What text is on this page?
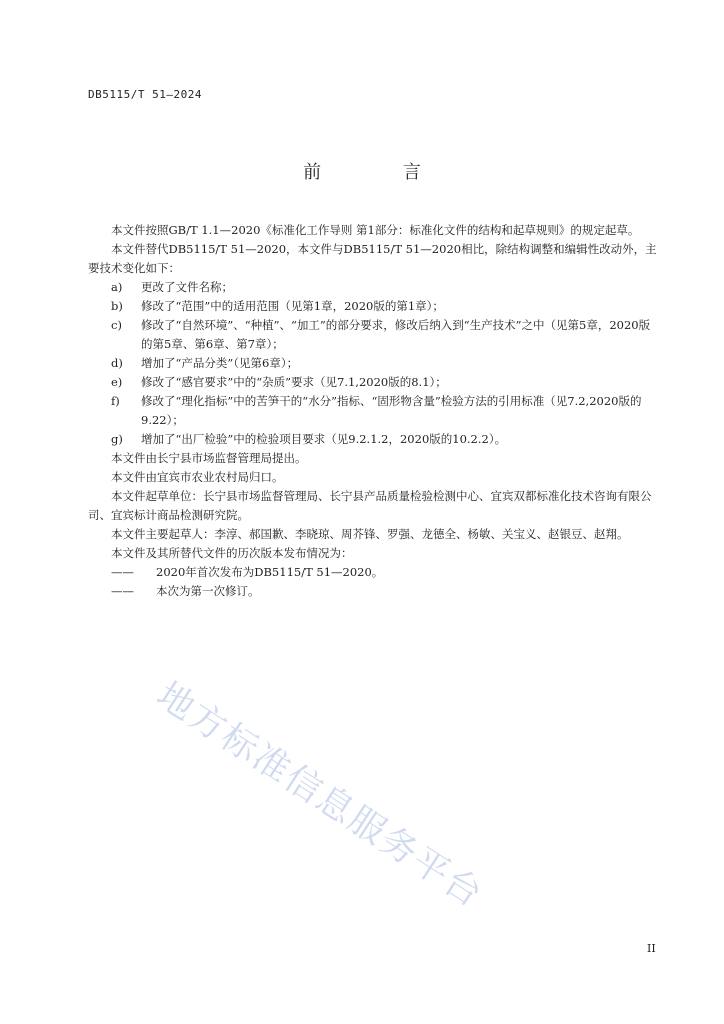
DB5115/T 51—2024
前 言

本文件按照GB/T 1.1—2020《标准化工作导则 第1部分：标准化文件的结构和起草规则》的规定起草。

本文件替代DB5115/T 51—2020，本文件与DB5115/T 51—2020相比，除结构调整和编辑性改动外，主要技术变化如下：

a)	更改了文件名称；
b)	修改了“范围”中的适用范围（见第1章，2020版的第1章）；
c)	修改了“自然环境”、“种植”、“加工”的部分要求，修改后纳入到“生产技术”之中（见第5章，2020版的第5章、第6章、第7章）；
d)	增加了“产品分类”（见第6章）；
e)	修改了“感官要求”中的“杂质”要求（见7.1,2020版的8.1）；
f)	修改了“理化指标”中的苦笋干的“水分”指标、“固形物含量”检验方法的引用标准（见7.2,2020版的9.22）；
g)	增加了“出厂检验”中的检验项目要求（见9.2.1.2，2020版的10.2.2）。

本文件由长宁县市场监督管理局提出。

本文件由宜宾市农业农村局归口。

本文件起草单位：长宁县市场监督管理局、长宁县产品质量检验检测中心、宜宾双都标准化技术咨询有限公司、宜宾标计商品检测研究院。

本文件主要起草人：李淳、郝国歉、李晓琼、周芥锋、罗强、龙德全、杨敏、关宝义、赵银豆、赵翔。

本文件及其所替代文件的历次版本发布情况为：

——	2020年首次发布为DB5115/T 51—2020。
——	本次为第一次修订。
地方标准信息服务平台
II
